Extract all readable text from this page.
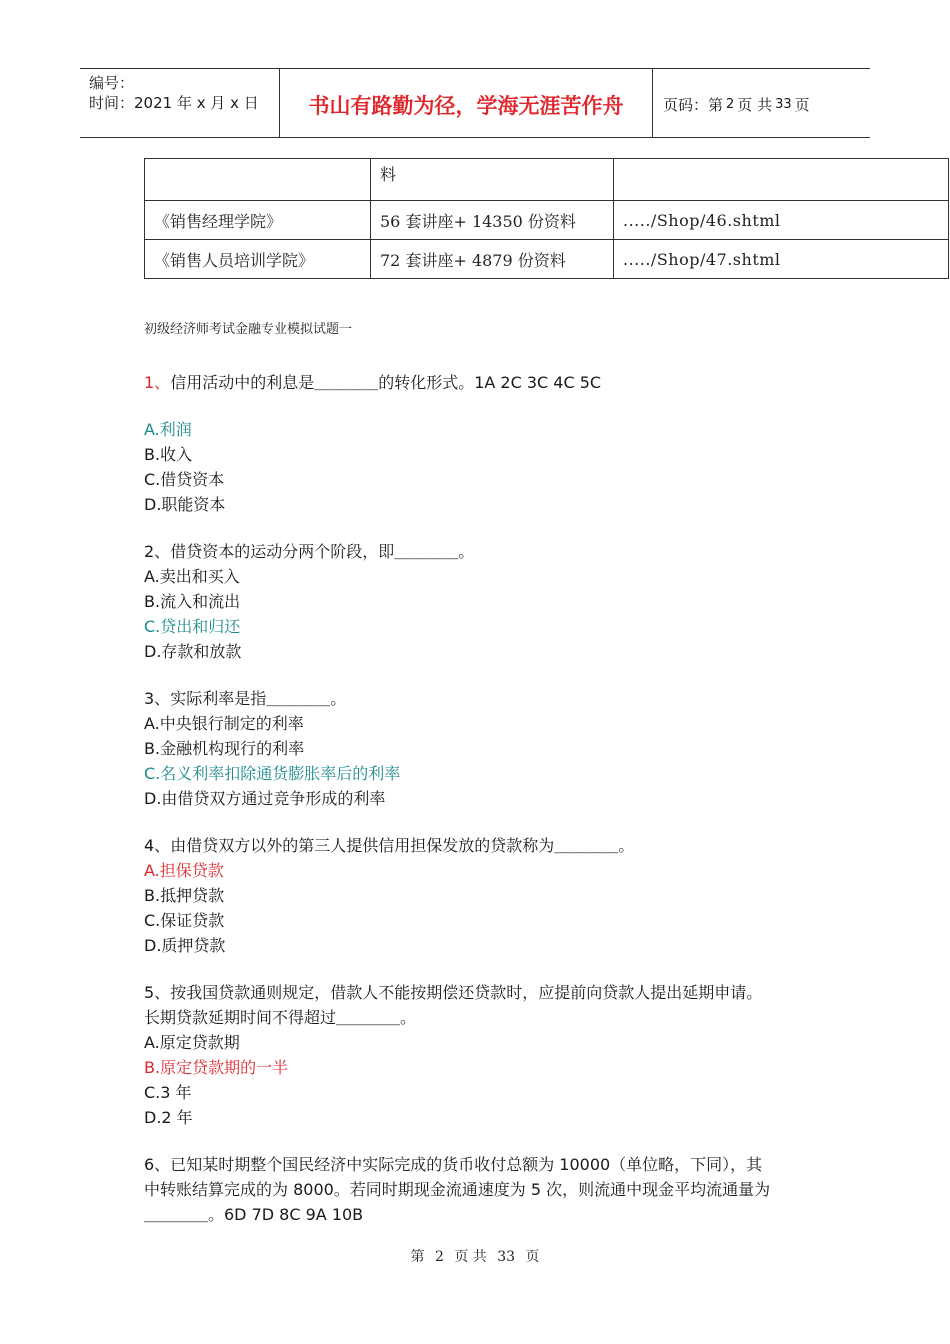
编号：
时间：2021 年 x 月 x 日	书山有路勤为径，学海无涯苦作舟	页码：第 2 页 共 33 页
	料	
《销售经理学院》	56 套讲座+ 14350 份资料	...../Shop/46.shtml
《销售人员培训学院》	72 套讲座+ 4879 份资料	...../Shop/47.shtml
初级经济师考试金融专业模拟试题一

1、信用活动中的利息是＿＿＿＿的转化形式。1A 2C 3C 4C 5C

A.利润

B.收入

C.借贷资本

D.职能资本

2、借贷资本的运动分两个阶段，即＿＿＿＿。

A.卖出和买入

B.流入和流出

C.贷出和归还

D.存款和放款

3、实际利率是指＿＿＿＿。

A.中央银行制定的利率

B.金融机构现行的利率

C.名义利率扣除通货膨胀率后的利率

D.由借贷双方通过竞争形成的利率

4、由借贷双方以外的第三人提供信用担保发放的贷款称为＿＿＿＿。

A.担保贷款

B.抵押贷款

C.保证贷款

D.质押贷款

5、按我国贷款通则规定，借款人不能按期偿还贷款时，应提前向贷款人提出延期申请。

长期贷款延期时间不得超过＿＿＿＿。

A.原定贷款期

B.原定贷款期的一半

C.3 年

D.2 年

6、已知某时期整个国民经济中实际完成的货币收付总额为 10000（单位略，下同），其

中转账结算完成的为 8000。若同时期现金流通速度为 5 次，则流通中现金平均流通量为

＿＿＿＿。6D 7D 8C 9A 10B

第 2 页 共 33 页
